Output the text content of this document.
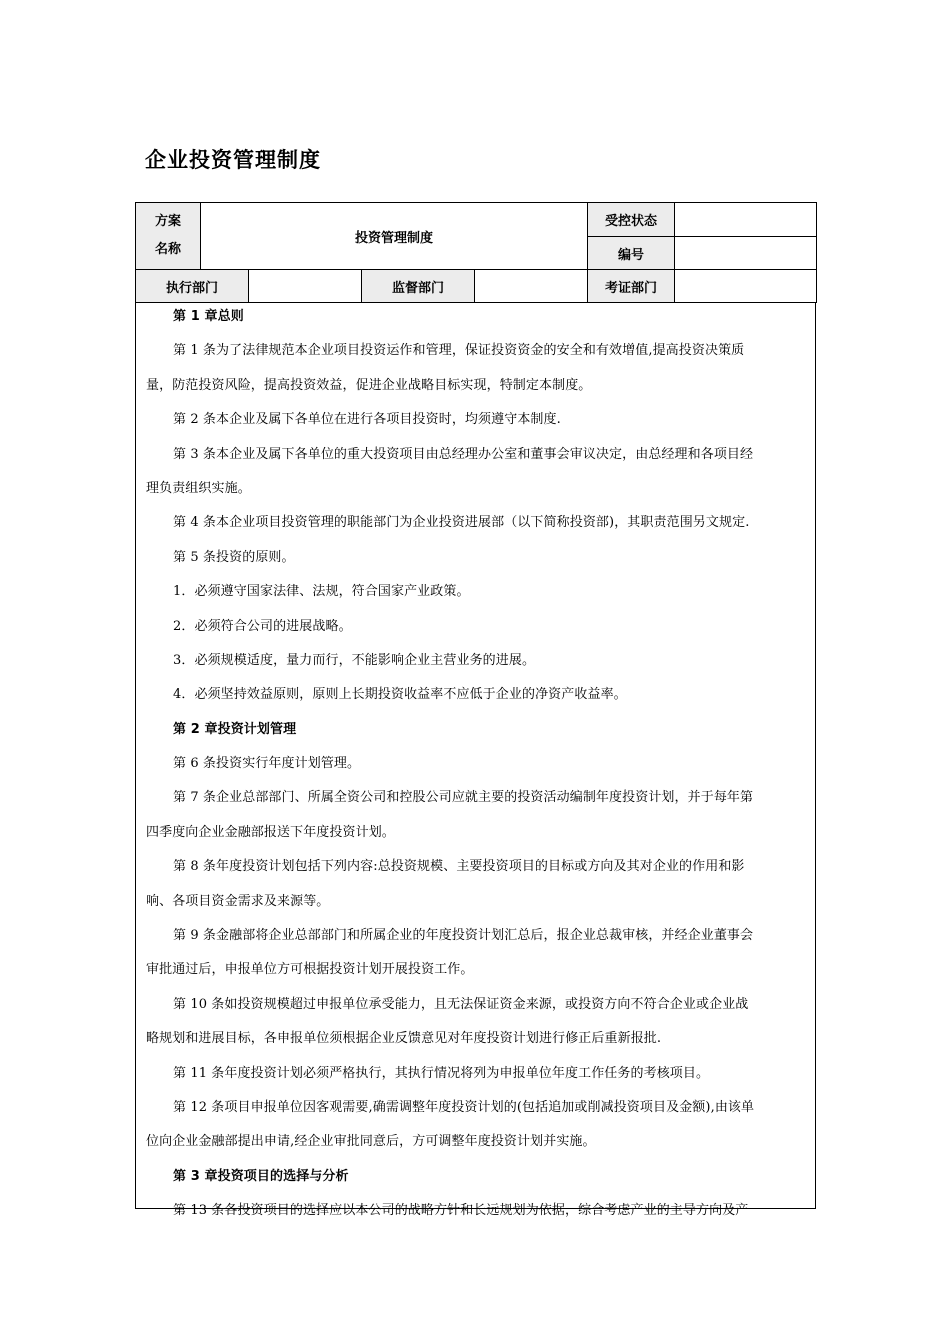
企业投资管理制度
方案
名称	投资管理制度				受控状态	
					编号	
执行部门			监督部门		考证部门	
第 1 章总则
第 1 条为了法律规范本企业项目投资运作和管理，保证投资资金的安全和有效增值,提高投资决策质
量，防范投资风险，提高投资效益，促进企业战略目标实现，特制定本制度。
第 2 条本企业及属下各单位在进行各项目投资时，均须遵守本制度.
第 3 条本企业及属下各单位的重大投资项目由总经理办公室和董事会审议决定，由总经理和各项目经
理负责组织实施。
第 4 条本企业项目投资管理的职能部门为企业投资进展部（以下简称投资部)，其职责范围另文规定.
第 5 条投资的原则。
1．必须遵守国家法律、法规，符合国家产业政策。
2．必须符合公司的进展战略。
3．必须规模适度，量力而行，不能影响企业主营业务的进展。
4．必须坚持效益原则，原则上长期投资收益率不应低于企业的净资产收益率。
第 2 章投资计划管理
第 6 条投资实行年度计划管理。
第 7 条企业总部部门、所属全资公司和控股公司应就主要的投资活动编制年度投资计划，并于每年第
四季度向企业金融部报送下年度投资计划。
第 8 条年度投资计划包括下列内容:总投资规模、主要投资项目的目标或方向及其对企业的作用和影
响、各项目资金需求及来源等。
第 9 条金融部将企业总部部门和所属企业的年度投资计划汇总后，报企业总裁审核，并经企业董事会
审批通过后，申报单位方可根据投资计划开展投资工作。
第 10 条如投资规模超过申报单位承受能力，且无法保证资金来源，或投资方向不符合企业或企业战
略规划和进展目标，各申报单位须根据企业反馈意见对年度投资计划进行修正后重新报批.
第 11 条年度投资计划必须严格执行，其执行情况将列为申报单位年度工作任务的考核项目。
第 12 条项目申报单位因客观需要,确需调整年度投资计划的(包括追加或削减投资项目及金额),由该单
位向企业金融部提出申请,经企业审批同意后，方可调整年度投资计划并实施。
第 3 章投资项目的选择与分析
第 13 条各投资项目的选择应以本公司的战略方针和长远规划为依据，综合考虑产业的主导方向及产
